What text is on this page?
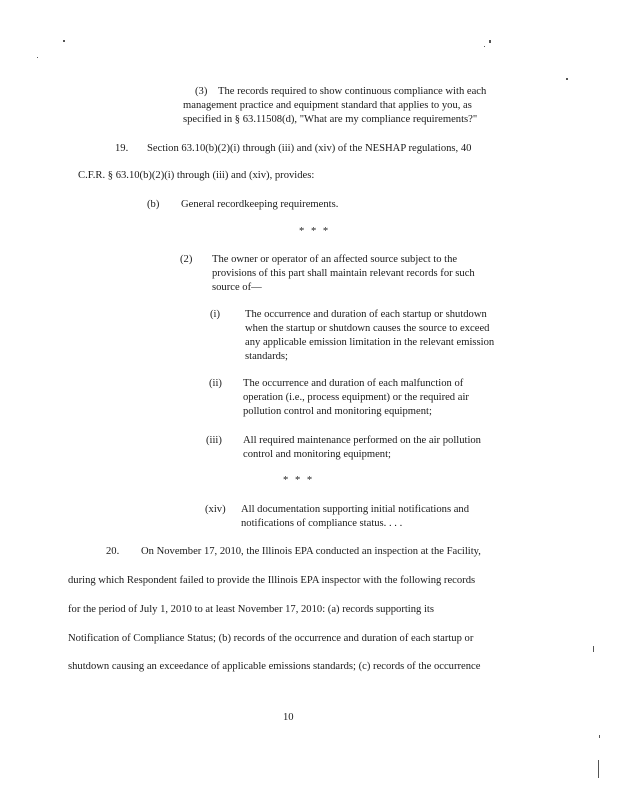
(3) The records required to show continuous compliance with each
management practice and equipment standard that applies to you, as
specified in § 63.11508(d), "What are my compliance requirements?"
19. Section 63.10(b)(2)(i) through (iii) and (xiv) of the NESHAP regulations, 40
C.F.R. § 63.10(b)(2)(i) through (iii) and (xiv), provides:
(b) General recordkeeping requirements.
* * *
(2) The owner or operator of an affected source subject to the
provisions of this part shall maintain relevant records for such
source of—
(i) The occurrence and duration of each startup or shutdown
when the startup or shutdown causes the source to exceed
any applicable emission limitation in the relevant emission
standards;
(ii) The occurrence and duration of each malfunction of
operation (i.e., process equipment) or the required air
pollution control and monitoring equipment;
(iii) All required maintenance performed on the air pollution
control and monitoring equipment;
* * *
(xiv) All documentation supporting initial notifications and
notifications of compliance status. . . .
20. On November 17, 2010, the Illinois EPA conducted an inspection at the Facility,
during which Respondent failed to provide the Illinois EPA inspector with the following records
for the period of July 1, 2010 to at least November 17, 2010: (a) records supporting its
Notification of Compliance Status; (b) records of the occurrence and duration of each startup or
shutdown causing an exceedance of applicable emissions standards; (c) records of the occurrence
10
